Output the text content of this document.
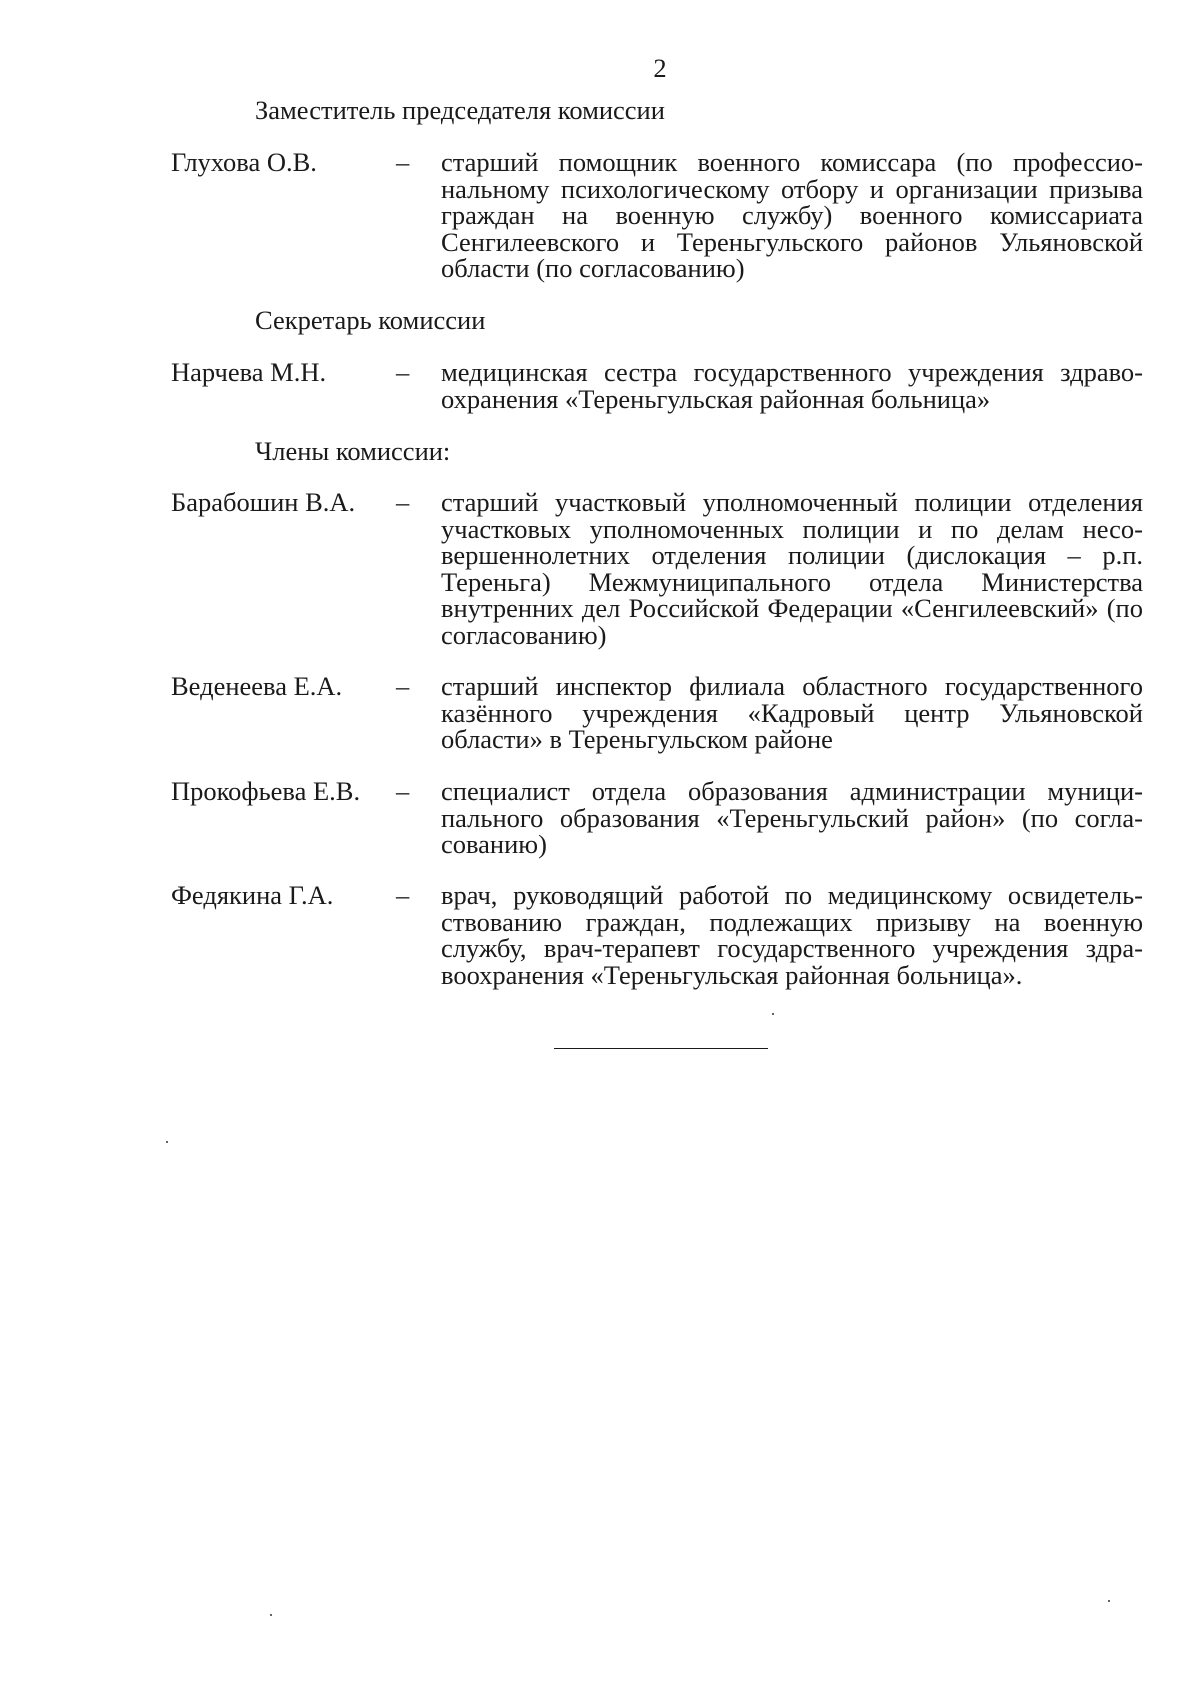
2
Заместитель председателя комиссии
Глухова О.В.	– старший помощник военного комиссара (по профессиональному психологическому отбору и организации призыва граждан на военную службу) военного комиссариата Сенгилеевского и Тереньгульского районов Ульяновской области (по согласованию)
Секретарь комиссии
Нарчева М.Н.	– медицинская сестра государственного учреждения здравоохранения «Тереньгульская районная больница»
Члены комиссии:
Барабошин В.А. – старший участковый уполномоченный полиции отделения участковых уполномоченных полиции и по делам несовершеннолетних отделения полиции (дислокация – р.п. Тереньга) Межмуниципального отдела Министерства внутренних дел Российской Федерации «Сенгилеевский» (по согласованию)
Веденеева Е.А. – старший инспектор филиала областного государственного казённого учреждения «Кадровый центр Ульяновской области» в Тереньгульском районе
Прокофьева Е.В. – специалист отдела образования администрации муниципального образования «Тереньгульский район» (по согласованию)
Федякина Г.А. – врач, руководящий работой по медицинскому освидетельствованию граждан, подлежащих призыву на военную службу, врач-терапевт государственного учреждения здравоохранения «Тереньгульская районная больница».
